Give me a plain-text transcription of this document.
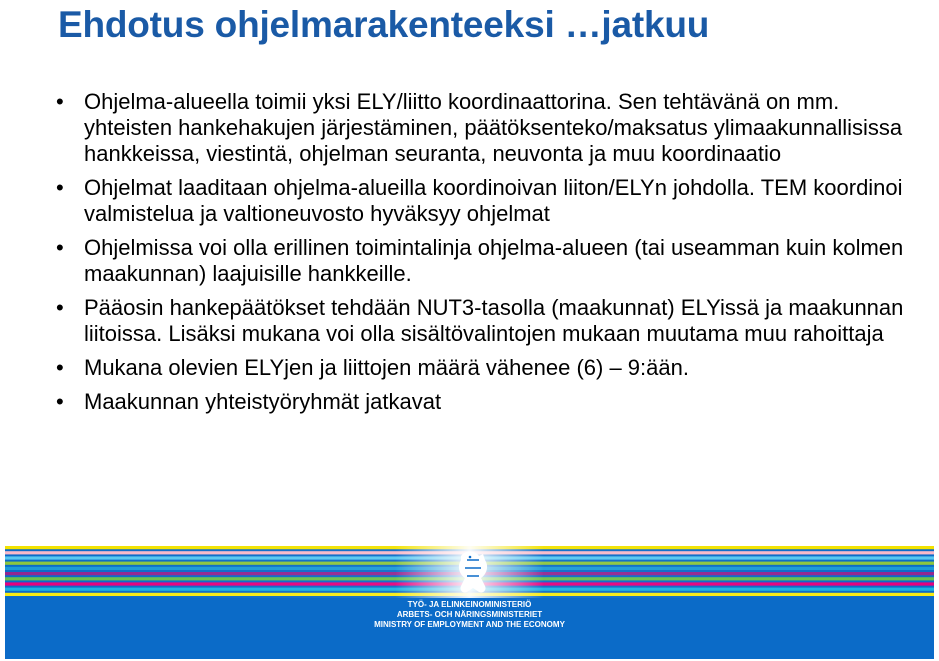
Ehdotus ohjelmarakenteeksi …jatkuu
• Ohjelma-alueella toimii yksi ELY/liitto koordinaattorina. Sen tehtävänä on mm. yhteisten hankehakujen järjestäminen, päätöksenteko/maksatus ylimaakunnallisissa hankkeissa, viestintä, ohjelman seuranta, neuvonta ja muu koordinaatio
• Ohjelmat laaditaan ohjelma-alueilla koordinoivan liiton/ELYn johdolla. TEM koordinoi valmistelua ja valtioneuvosto hyväksyy ohjelmat
• Ohjelmissa voi olla erillinen toimintalinja ohjelma-alueen (tai useamman kuin kolmen maakunnan) laajuisille hankkeille.
• Pääosin hankepäätökset tehdään NUT3-tasolla (maakunnat) ELYissä ja maakunnan liitoissa. Lisäksi mukana voi olla sisältövalintojen mukaan muutama muu rahoittaja
• Mukana olevien ELYjen ja liittojen määrä vähenee (6) – 9:ään.
• Maakunnan yhteistyöryhmät jatkavat
TYÖ- JA ELINKEINOMINISTERIÖ
ARBETS- OCH NÄRINGSMINISTERIET
MINISTRY OF EMPLOYMENT AND THE ECONOMY
